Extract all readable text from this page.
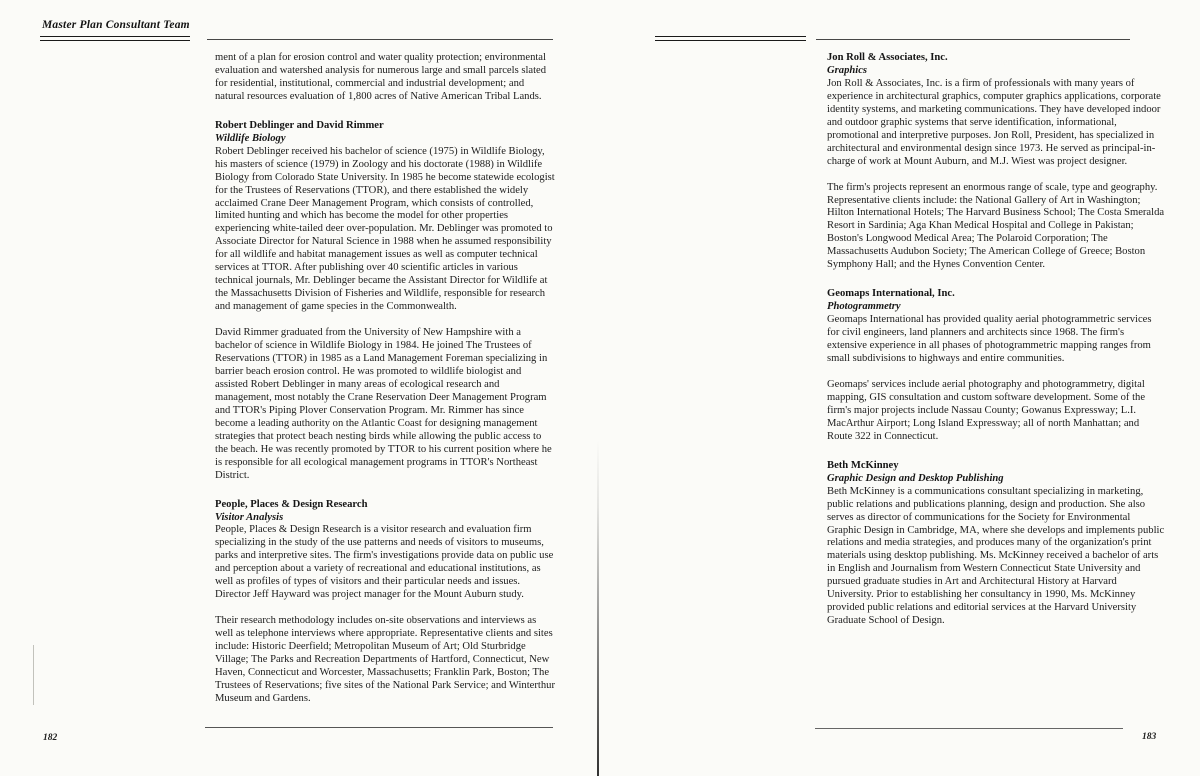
Master Plan Consultant Team

ment of a plan for erosion control and water quality protection; environmental evaluation and watershed analysis for numerous large and small parcels slated for residential, institutional, commercial and industrial development; and natural resources evaluation of 1,800 acres of Native American Tribal Lands.

Robert Deblinger and David Rimmer
Wildlife Biology

Robert Deblinger received his bachelor of science (1975) in Wildlife Biology, his masters of science (1979) in Zoology and his doctorate (1988) in Wildlife Biology from Colorado State University. In 1985 he become statewide ecologist for the Trustees of Reservations (TTOR), and there established the widely acclaimed Crane Deer Management Program, which consists of controlled, limited hunting and which has become the model for other properties experiencing white-tailed deer over-population. Mr. Deblinger was promoted to Associate Director for Natural Science in 1988 when he assumed responsibility for all wildlife and habitat management issues as well as computer technical services at TTOR. After publishing over 40 scientific articles in various technical journals, Mr. Deblinger became the Assistant Director for Wildlife at the Massachusetts Division of Fisheries and Wildlife, responsible for research and management of game species in the Commonwealth.

David Rimmer graduated from the University of New Hampshire with a bachelor of science in Wildlife Biology in 1984. He joined The Trustees of Reservations (TTOR) in 1985 as a Land Management Foreman specializing in barrier beach erosion control. He was promoted to wildlife biologist and assisted Robert Deblinger in many areas of ecological research and management, most notably the Crane Reservation Deer Management Program and TTOR's Piping Plover Conservation Program. Mr. Rimmer has since become a leading authority on the Atlantic Coast for designing management strategies that protect beach nesting birds while allowing the public access to the beach. He was recently promoted by TTOR to his current position where he is responsible for all ecological management programs in TTOR's Northeast District.

People, Places & Design Research
Visitor Analysis

People, Places & Design Research is a visitor research and evaluation firm specializing in the study of the use patterns and needs of visitors to museums, parks and interpretive sites. The firm's investigations provide data on public use and perception about a variety of recreational and educational institutions, as well as profiles of types of visitors and their particular needs and issues. Director Jeff Hayward was project manager for the Mount Auburn study.

Their research methodology includes on-site observations and interviews as well as telephone interviews where appropriate. Representative clients and sites include: Historic Deerfield; Metropolitan Museum of Art; Old Sturbridge Village; The Parks and Recreation Departments of Hartford, Connecticut, New Haven, Connecticut and Worcester, Massachusetts; Franklin Park, Boston; The Trustees of Reservations; five sites of the National Park Service; and Winterthur Museum and Gardens.

Jon Roll & Associates, Inc.
Graphics

Jon Roll & Associates, Inc. is a firm of professionals with many years of experience in architectural graphics, computer graphics applications, corporate identity systems, and marketing communications. They have developed indoor and outdoor graphic systems that serve identification, informational, promotional and interpretive purposes. Jon Roll, President, has specialized in architectural and environmental design since 1973. He served as principal-in-charge of work at Mount Auburn, and M.J. Wiest was project designer.

The firm's projects represent an enormous range of scale, type and geography. Representative clients include: the National Gallery of Art in Washington; Hilton International Hotels; The Harvard Business School; The Costa Smeralda Resort in Sardinia; Aga Khan Medical Hospital and College in Pakistan; Boston's Longwood Medical Area; The Polaroid Corporation; The Massachusetts Audubon Society; The American College of Greece; Boston Symphony Hall; and the Hynes Convention Center.

Geomaps International, Inc.
Photogrammetry

Geomaps International has provided quality aerial photogrammetric services for civil engineers, land planners and architects since 1968. The firm's extensive experience in all phases of photogrammetric mapping ranges from small subdivisions to highways and entire communities.

Geomaps' services include aerial photography and photogrammetry, digital mapping, GIS consultation and custom software development. Some of the firm's major projects include Nassau County; Gowanus Expressway; L.I. MacArthur Airport; Long Island Expressway; all of north Manhattan; and Route 322 in Connecticut.

Beth McKinney
Graphic Design and Desktop Publishing

Beth McKinney is a communications consultant specializing in marketing, public relations and publications planning, design and production. She also serves as director of communications for the Society for Environmental Graphic Design in Cambridge, MA, where she develops and implements public relations and media strategies, and produces many of the organization's print materials using desktop publishing. Ms. McKinney received a bachelor of arts in English and Journalism from Western Connecticut State University and pursued graduate studies in Art and Architectural History at Harvard University. Prior to establishing her consultancy in 1990, Ms. McKinney provided public relations and editorial services at the Harvard University Graduate School of Design.

182	183
